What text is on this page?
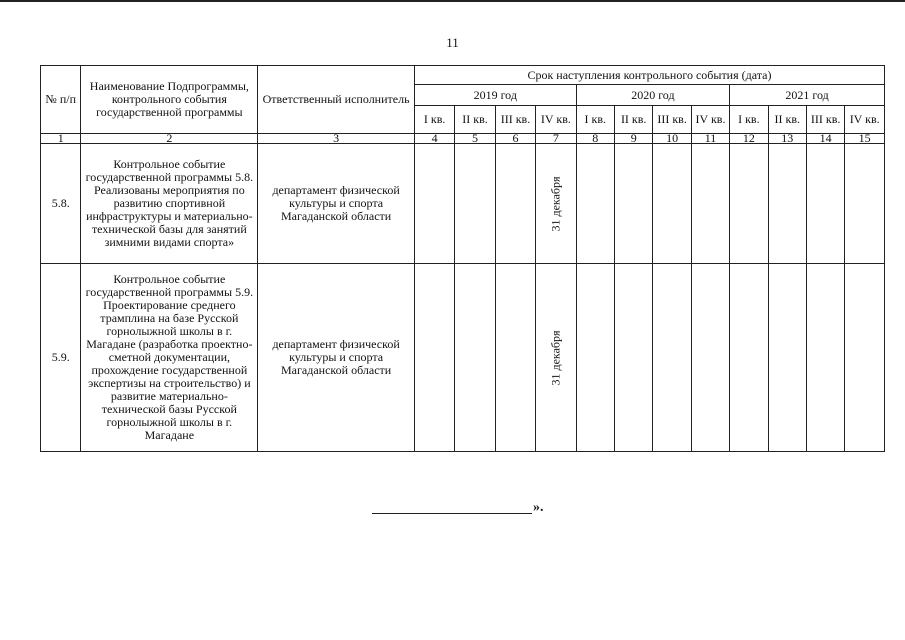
11
№ п/п	Наименование Подпрограммы, контрольного события государственной программы	Ответственный исполнитель	Срок наступления контрольного события (дата)											
			2019 год				2020 год				2021 год			
			I кв.	II кв.	III кв.	IV кв.	I кв.	II кв.	III кв.	IV кв.	I кв.	II кв.	III кв.	IV кв.
1	2	3	4	5	6	7	8	9	10	11	12	13	14	15
5.8.	Контрольное событие государственной программы 5.8. Реализованы мероприятия по развитию спортивной инфраструктуры и материально-технической базы для занятий зимними видами спорта»	департамент физической культуры и спорта Магаданской области				31 декабря								

5.9.	Контрольное событие государственной программы 5.9. Проектирование среднего трамплина на базе Русской горнолыжной школы в г. Магадане (разработка проектно-сметной документации, прохождение государственной экспертизы на строительство) и развитие материально-технической базы Русской горнолыжной школы в г. Магадане	департамент физической культуры и спорта Магаданской области				31 декабря								

».
